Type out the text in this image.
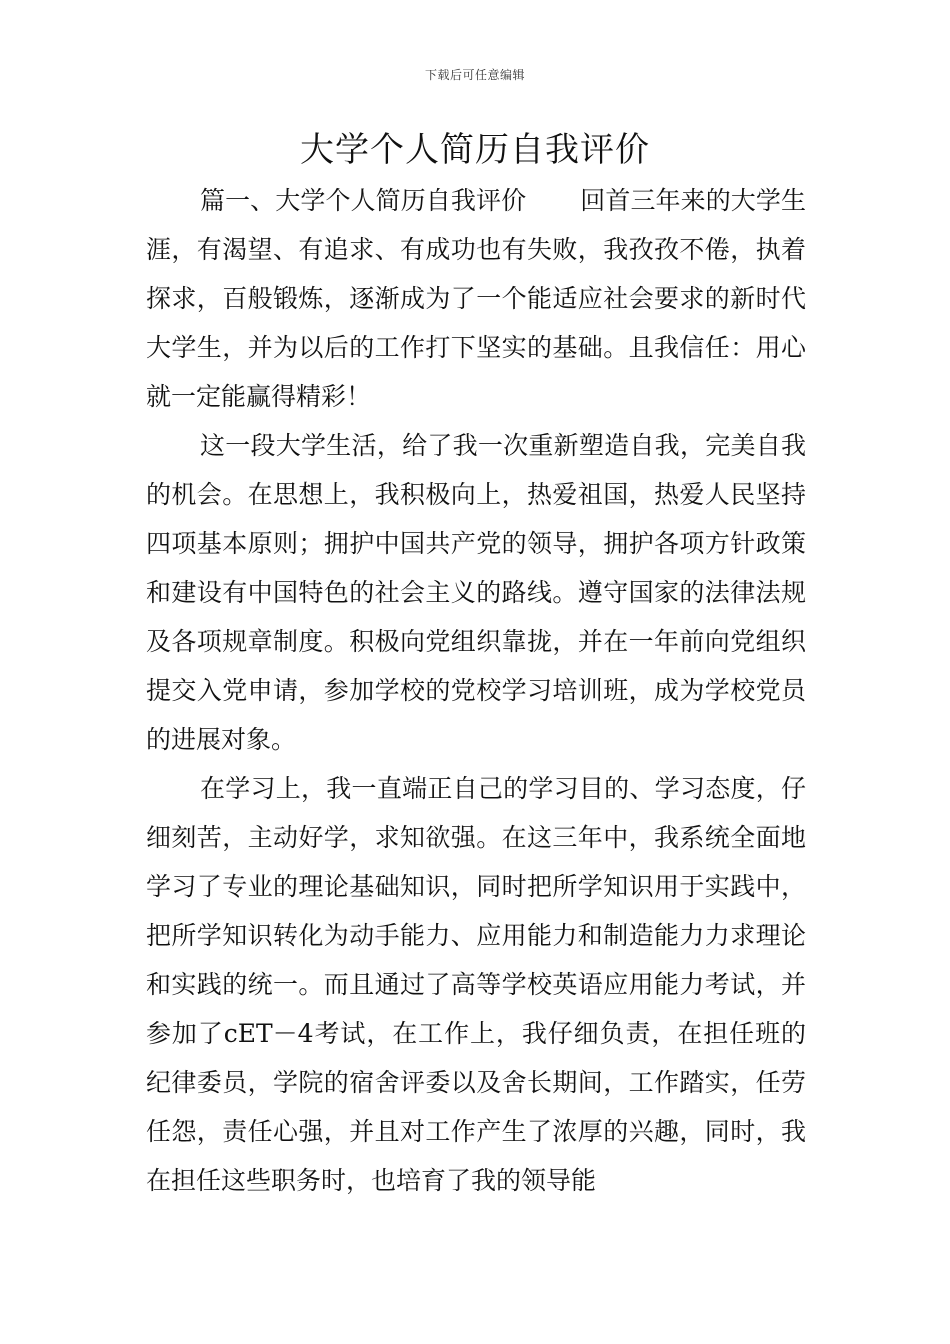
下载后可任意编辑
大学个人简历自我评价

篇一、大学个人简历自我评价 回首三年来的大学生涯，有渴望、有追求、有成功也有失败，我孜孜不倦，执着探求，百般锻炼，逐渐成为了一个能适应社会要求的新时代大学生，并为以后的工作打下坚实的基础。且我信任：用心就一定能赢得精彩！

这一段大学生活，给了我一次重新塑造自我，完美自我的机会。在思想上，我积极向上，热爱祖国，热爱人民坚持四项基本原则；拥护中国共产党的领导，拥护各项方针政策和建设有中国特色的社会主义的路线。遵守国家的法律法规及各项规章制度。积极向党组织靠拢，并在一年前向党组织提交入党申请，参加学校的党校学习培训班，成为学校党员的进展对象。

在学习上，我一直端正自己的学习目的、学习态度，仔细刻苦，主动好学，求知欲强。在这三年中，我系统全面地学习了专业的理论基础知识，同时把所学知识用于实践中，把所学知识转化为动手能力、应用能力和制造能力力求理论和实践的统一。而且通过了高等学校英语应用能力考试，并参加了cET－4考试，在工作上，我仔细负责，在担任班的纪律委员，学院的宿舍评委以及舍长期间，工作踏实，任劳任怨，责任心强，并且对工作产生了浓厚的兴趣，同时，我在担任这些职务时，也培育了我的领导能
